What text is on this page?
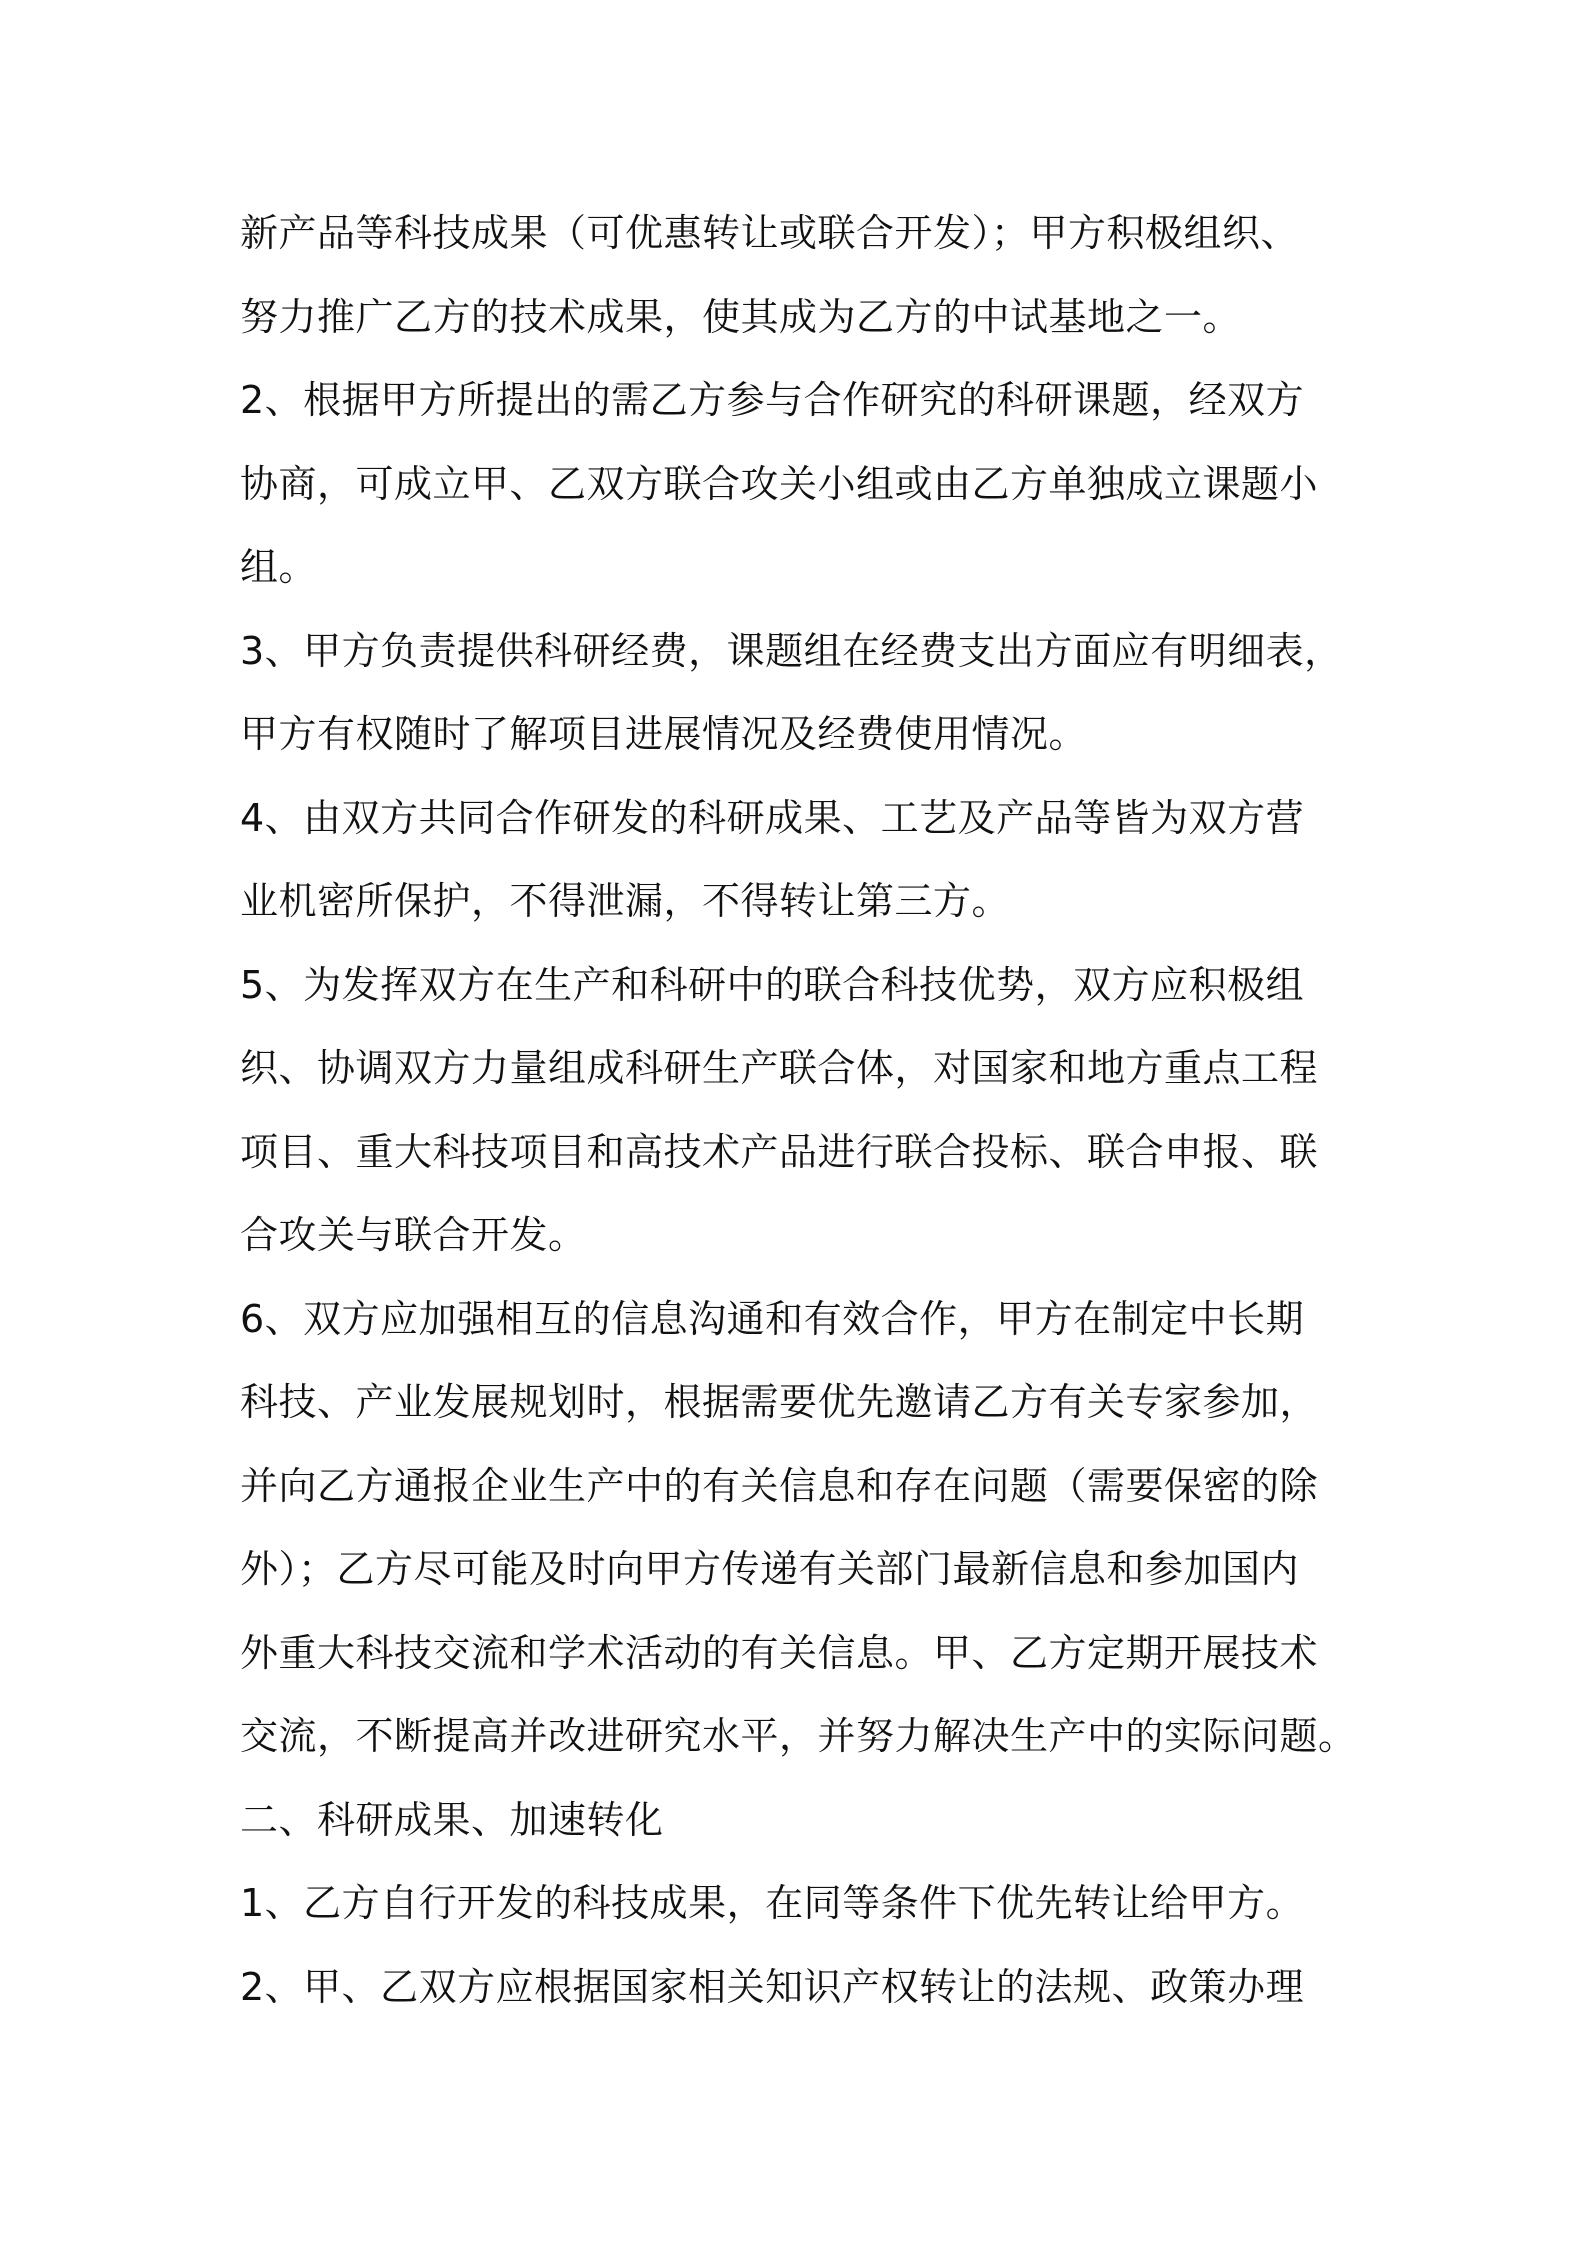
新产品等科技成果（可优惠转让或联合开发）；甲方积极组织、
努力推广乙方的技术成果，使其成为乙方的中试基地之一。
2、根据甲方所提出的需乙方参与合作研究的科研课题，经双方
协商，可成立甲、乙双方联合攻关小组或由乙方单独成立课题小
组。
3、甲方负责提供科研经费，课题组在经费支出方面应有明细表，
甲方有权随时了解项目进展情况及经费使用情况。
4、由双方共同合作研发的科研成果、工艺及产品等皆为双方营
业机密所保护，不得泄漏，不得转让第三方。
5、为发挥双方在生产和科研中的联合科技优势，双方应积极组
织、协调双方力量组成科研生产联合体，对国家和地方重点工程
项目、重大科技项目和高技术产品进行联合投标、联合申报、联
合攻关与联合开发。
6、双方应加强相互的信息沟通和有效合作，甲方在制定中长期
科技、产业发展规划时，根据需要优先邀请乙方有关专家参加，
并向乙方通报企业生产中的有关信息和存在问题（需要保密的除
外）；乙方尽可能及时向甲方传递有关部门最新信息和参加国内
外重大科技交流和学术活动的有关信息。甲、乙方定期开展技术
交流，不断提高并改进研究水平，并努力解决生产中的实际问题。
二、科研成果、加速转化
1、乙方自行开发的科技成果，在同等条件下优先转让给甲方。
2、甲、乙双方应根据国家相关知识产权转让的法规、政策办理
